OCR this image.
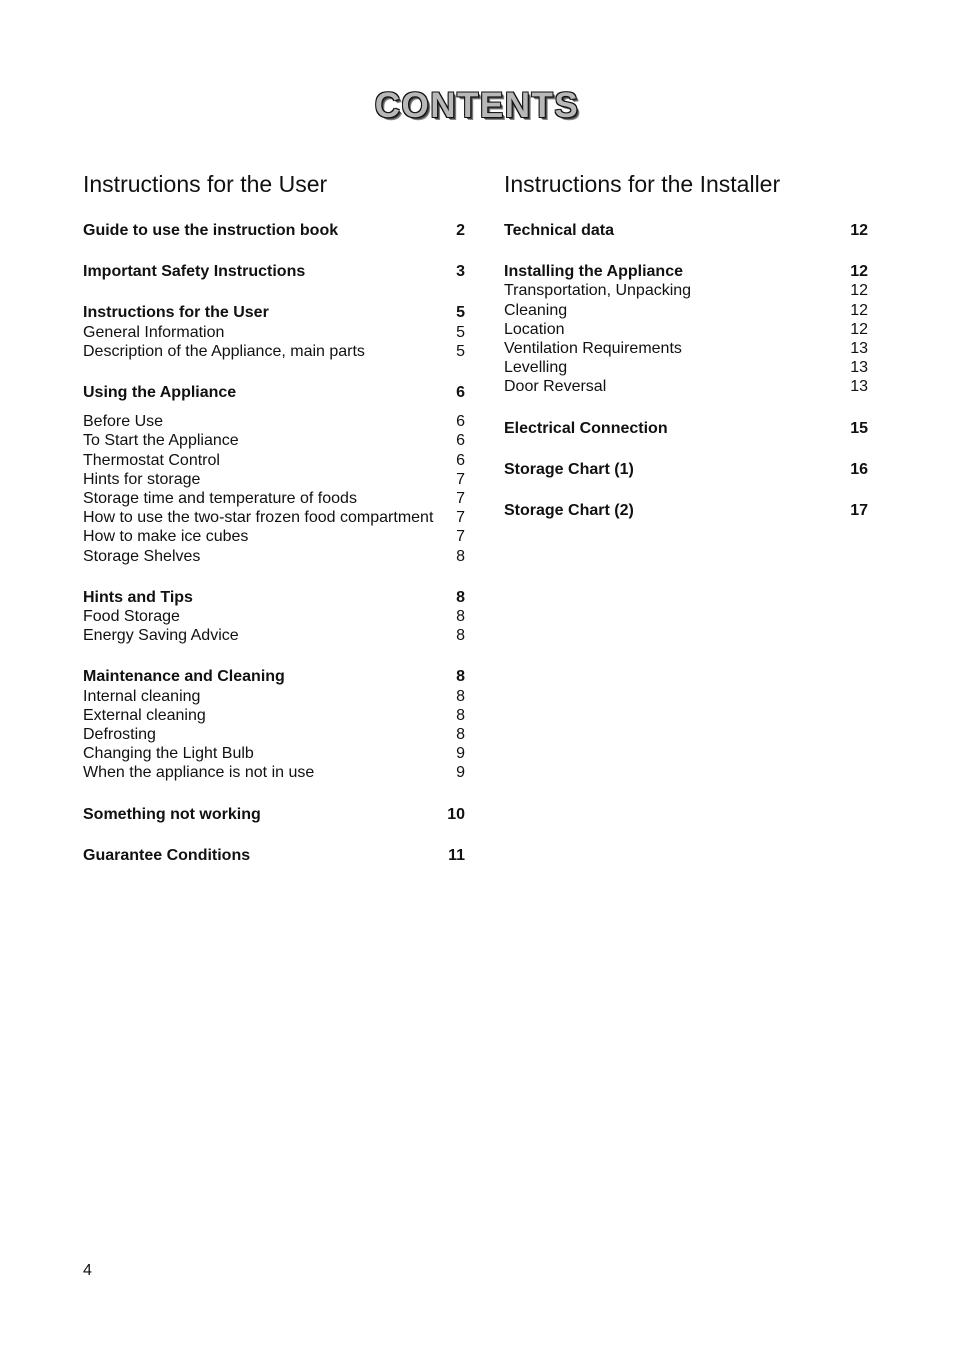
CONTENTS
Instructions for the User
Guide to use the instruction book	2
Important Safety Instructions	3
Instructions for the User	5
General Information	5
Description of the Appliance, main parts	5
Using the Appliance	6
Before Use	6
To Start the Appliance	6
Thermostat Control	6
Hints for storage	7
Storage time and temperature of foods	7
How to use the two-star frozen food compartment 7
How to make ice cubes	7
Storage Shelves	8
Hints and Tips	8
Food Storage	8
Energy Saving Advice	8
Maintenance and Cleaning	8
Internal cleaning	8
External cleaning	8
Defrosting	8
Changing the Light Bulb	9
When the appliance is not in use	9
Something not working	10
Guarantee Conditions	11
Instructions for the Installer
Technical data	12
Installing the Appliance	12
Transportation, Unpacking	12
Cleaning	12
Location	12
Ventilation Requirements	13
Levelling	13
Door Reversal	13
Electrical Connection	15
Storage Chart (1)	16
Storage Chart (2)	17
4
